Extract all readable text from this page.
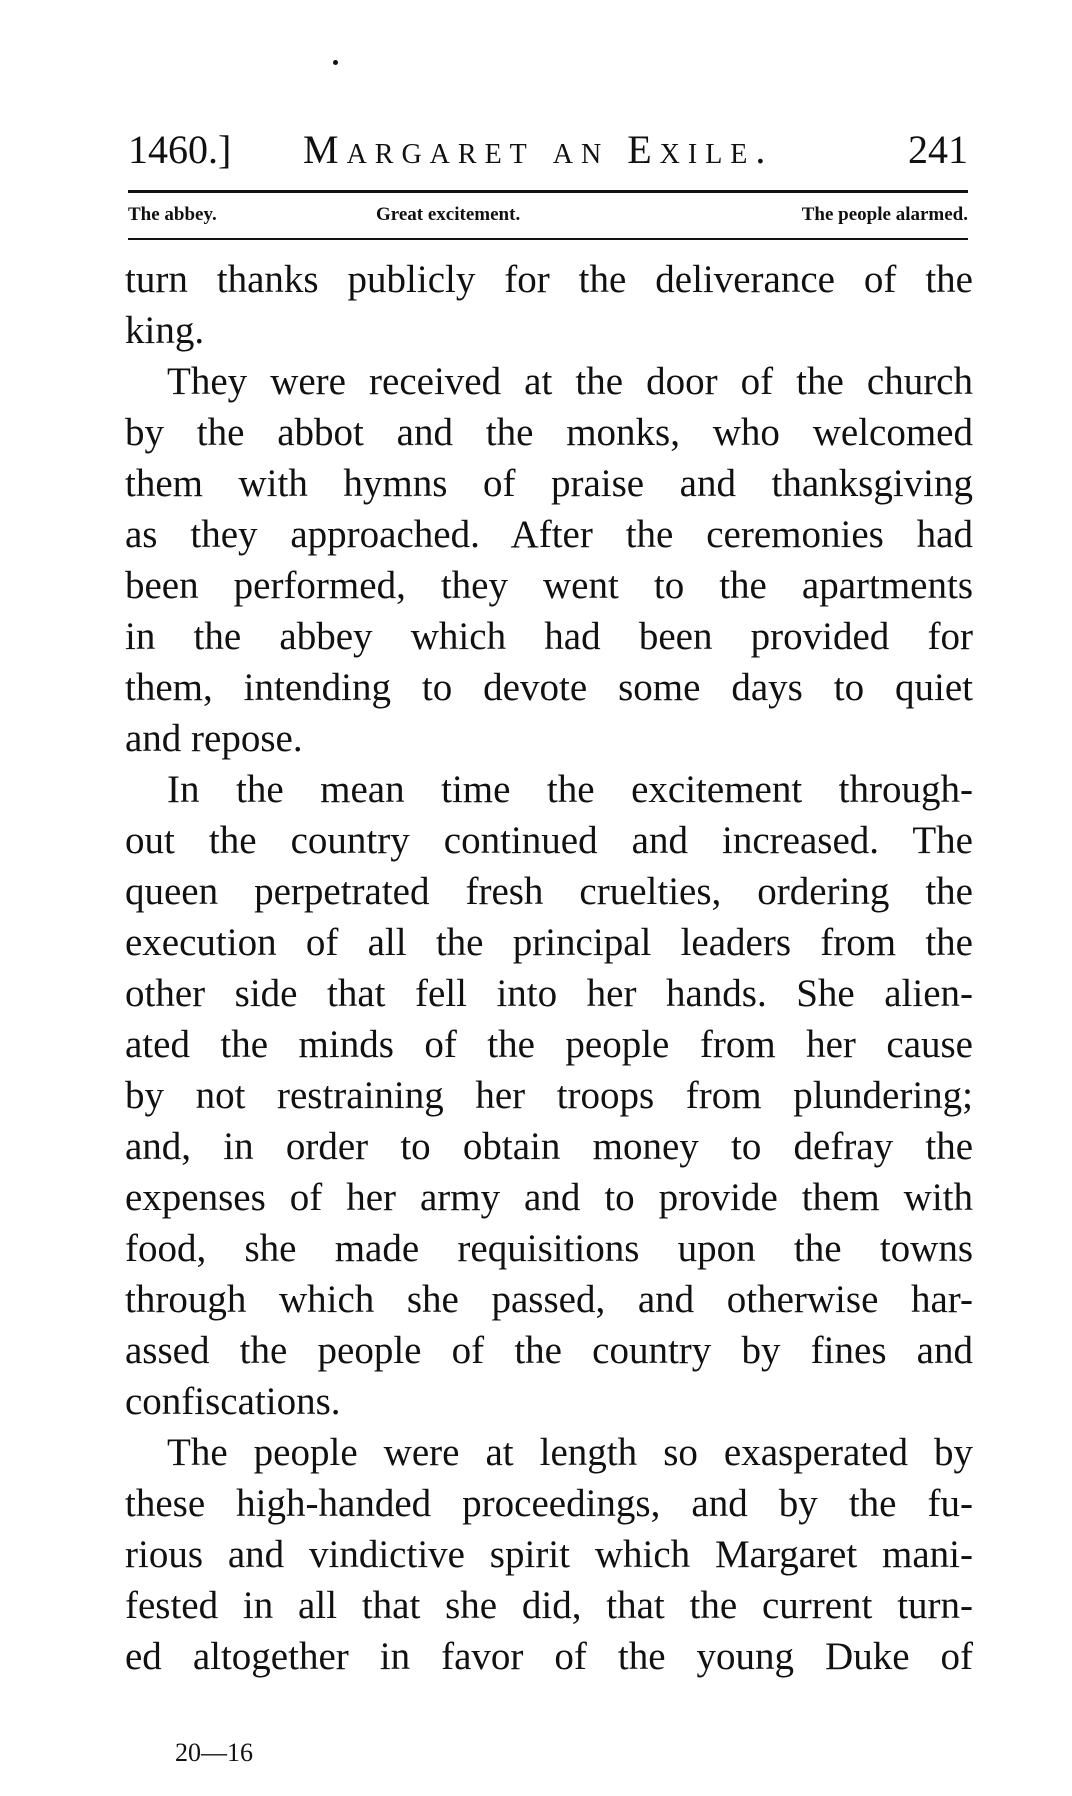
1460.] Margaret an Exile.	241
The abbey.	Great excitement.	The people alarmed.
turn thanks publicly for the deliverance of the
king.
They were received at the door of the church
by the abbot and the monks, who welcomed
them with hymns of praise and thanksgiving
as they approached. After the ceremonies had
been performed, they went to the apartments
in the abbey which had been provided for
them, intending to devote some days to quiet
and repose.
In the mean time the excitement through-
out the country continued and increased. The
queen perpetrated fresh cruelties, ordering the
execution of all the principal leaders from the
other side that fell into her hands. She alien-
ated the minds of the people from her cause
by not restraining her troops from plundering;
and, in order to obtain money to defray the
expenses of her army and to provide them with
food, she made requisitions upon the towns
through which she passed, and otherwise har-
assed the people of the country by fines and
confiscations.
The people were at length so exasperated by
these high-handed proceedings, and by the fu-
rious and vindictive spirit which Margaret mani-
fested in all that she did, that the current turn-
ed altogether in favor of the young Duke of
20—16
